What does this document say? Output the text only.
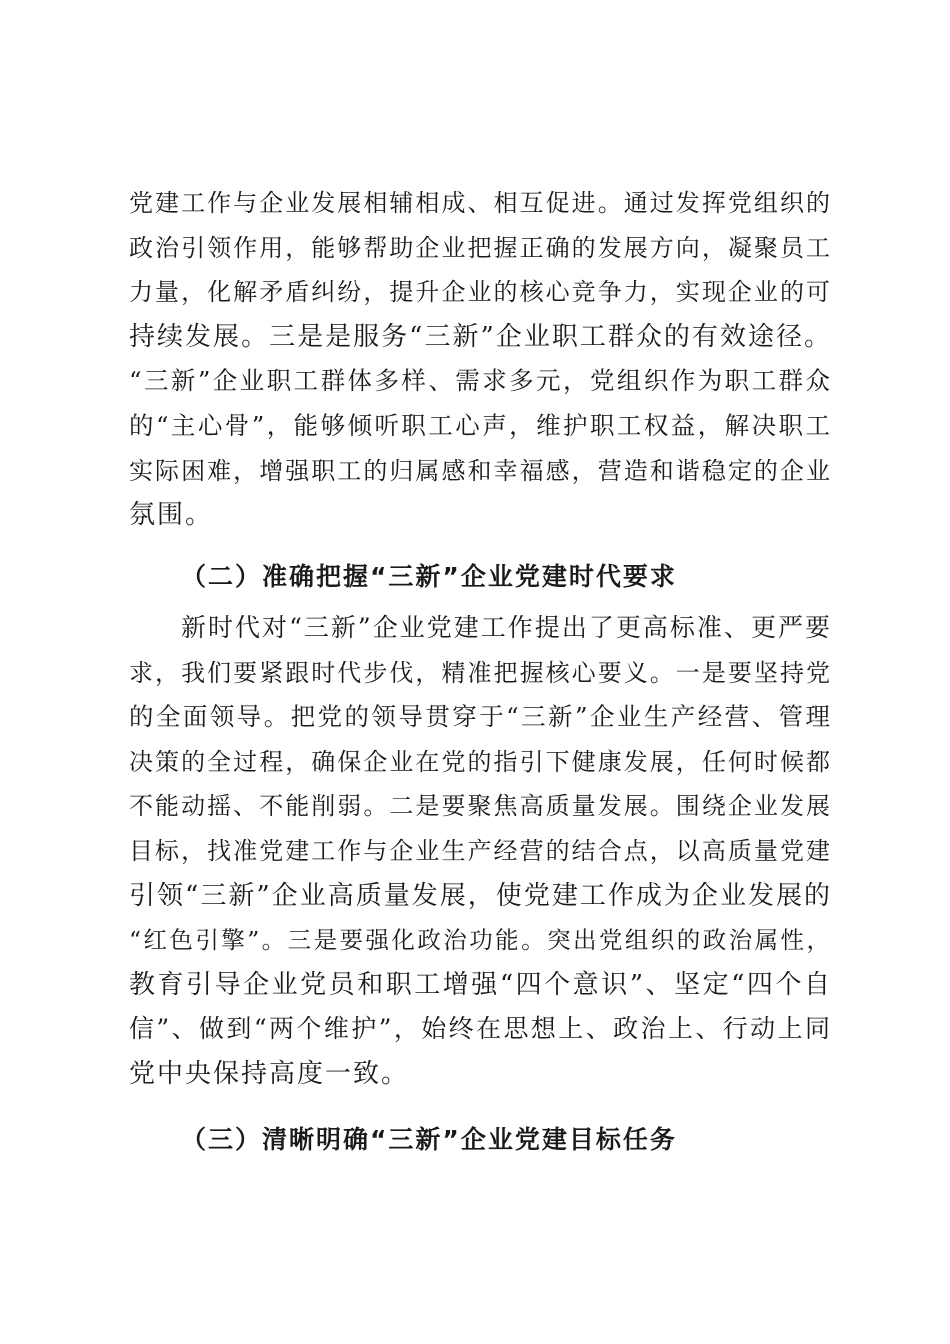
党建工作与企业发展相辅相成、相互促进。通过发挥党组织的
政治引领作用，能够帮助企业把握正确的发展方向，凝聚员工
力量，化解矛盾纠纷，提升企业的核心竞争力，实现企业的可
持续发展。三是是服务“三新”企业职工群众的有效途径。
“三新”企业职工群体多样、需求多元，党组织作为职工群众
的“主心骨”，能够倾听职工心声，维护职工权益，解决职工
实际困难，增强职工的归属感和幸福感，营造和谐稳定的企业
氛围。
（二）准确把握“三新”企业党建时代要求
新时代对“三新”企业党建工作提出了更高标准、更严要
求，我们要紧跟时代步伐，精准把握核心要义。一是要坚持党
的全面领导。把党的领导贯穿于“三新”企业生产经营、管理
决策的全过程，确保企业在党的指引下健康发展，任何时候都
不能动摇、不能削弱。二是要聚焦高质量发展。围绕企业发展
目标，找准党建工作与企业生产经营的结合点，以高质量党建
引领“三新”企业高质量发展，使党建工作成为企业发展的
“红色引擎”。三是要强化政治功能。突出党组织的政治属性，
教育引导企业党员和职工增强“四个意识”、坚定“四个自
信”、做到“两个维护”，始终在思想上、政治上、行动上同
党中央保持高度一致。
（三）清晰明确“三新”企业党建目标任务
